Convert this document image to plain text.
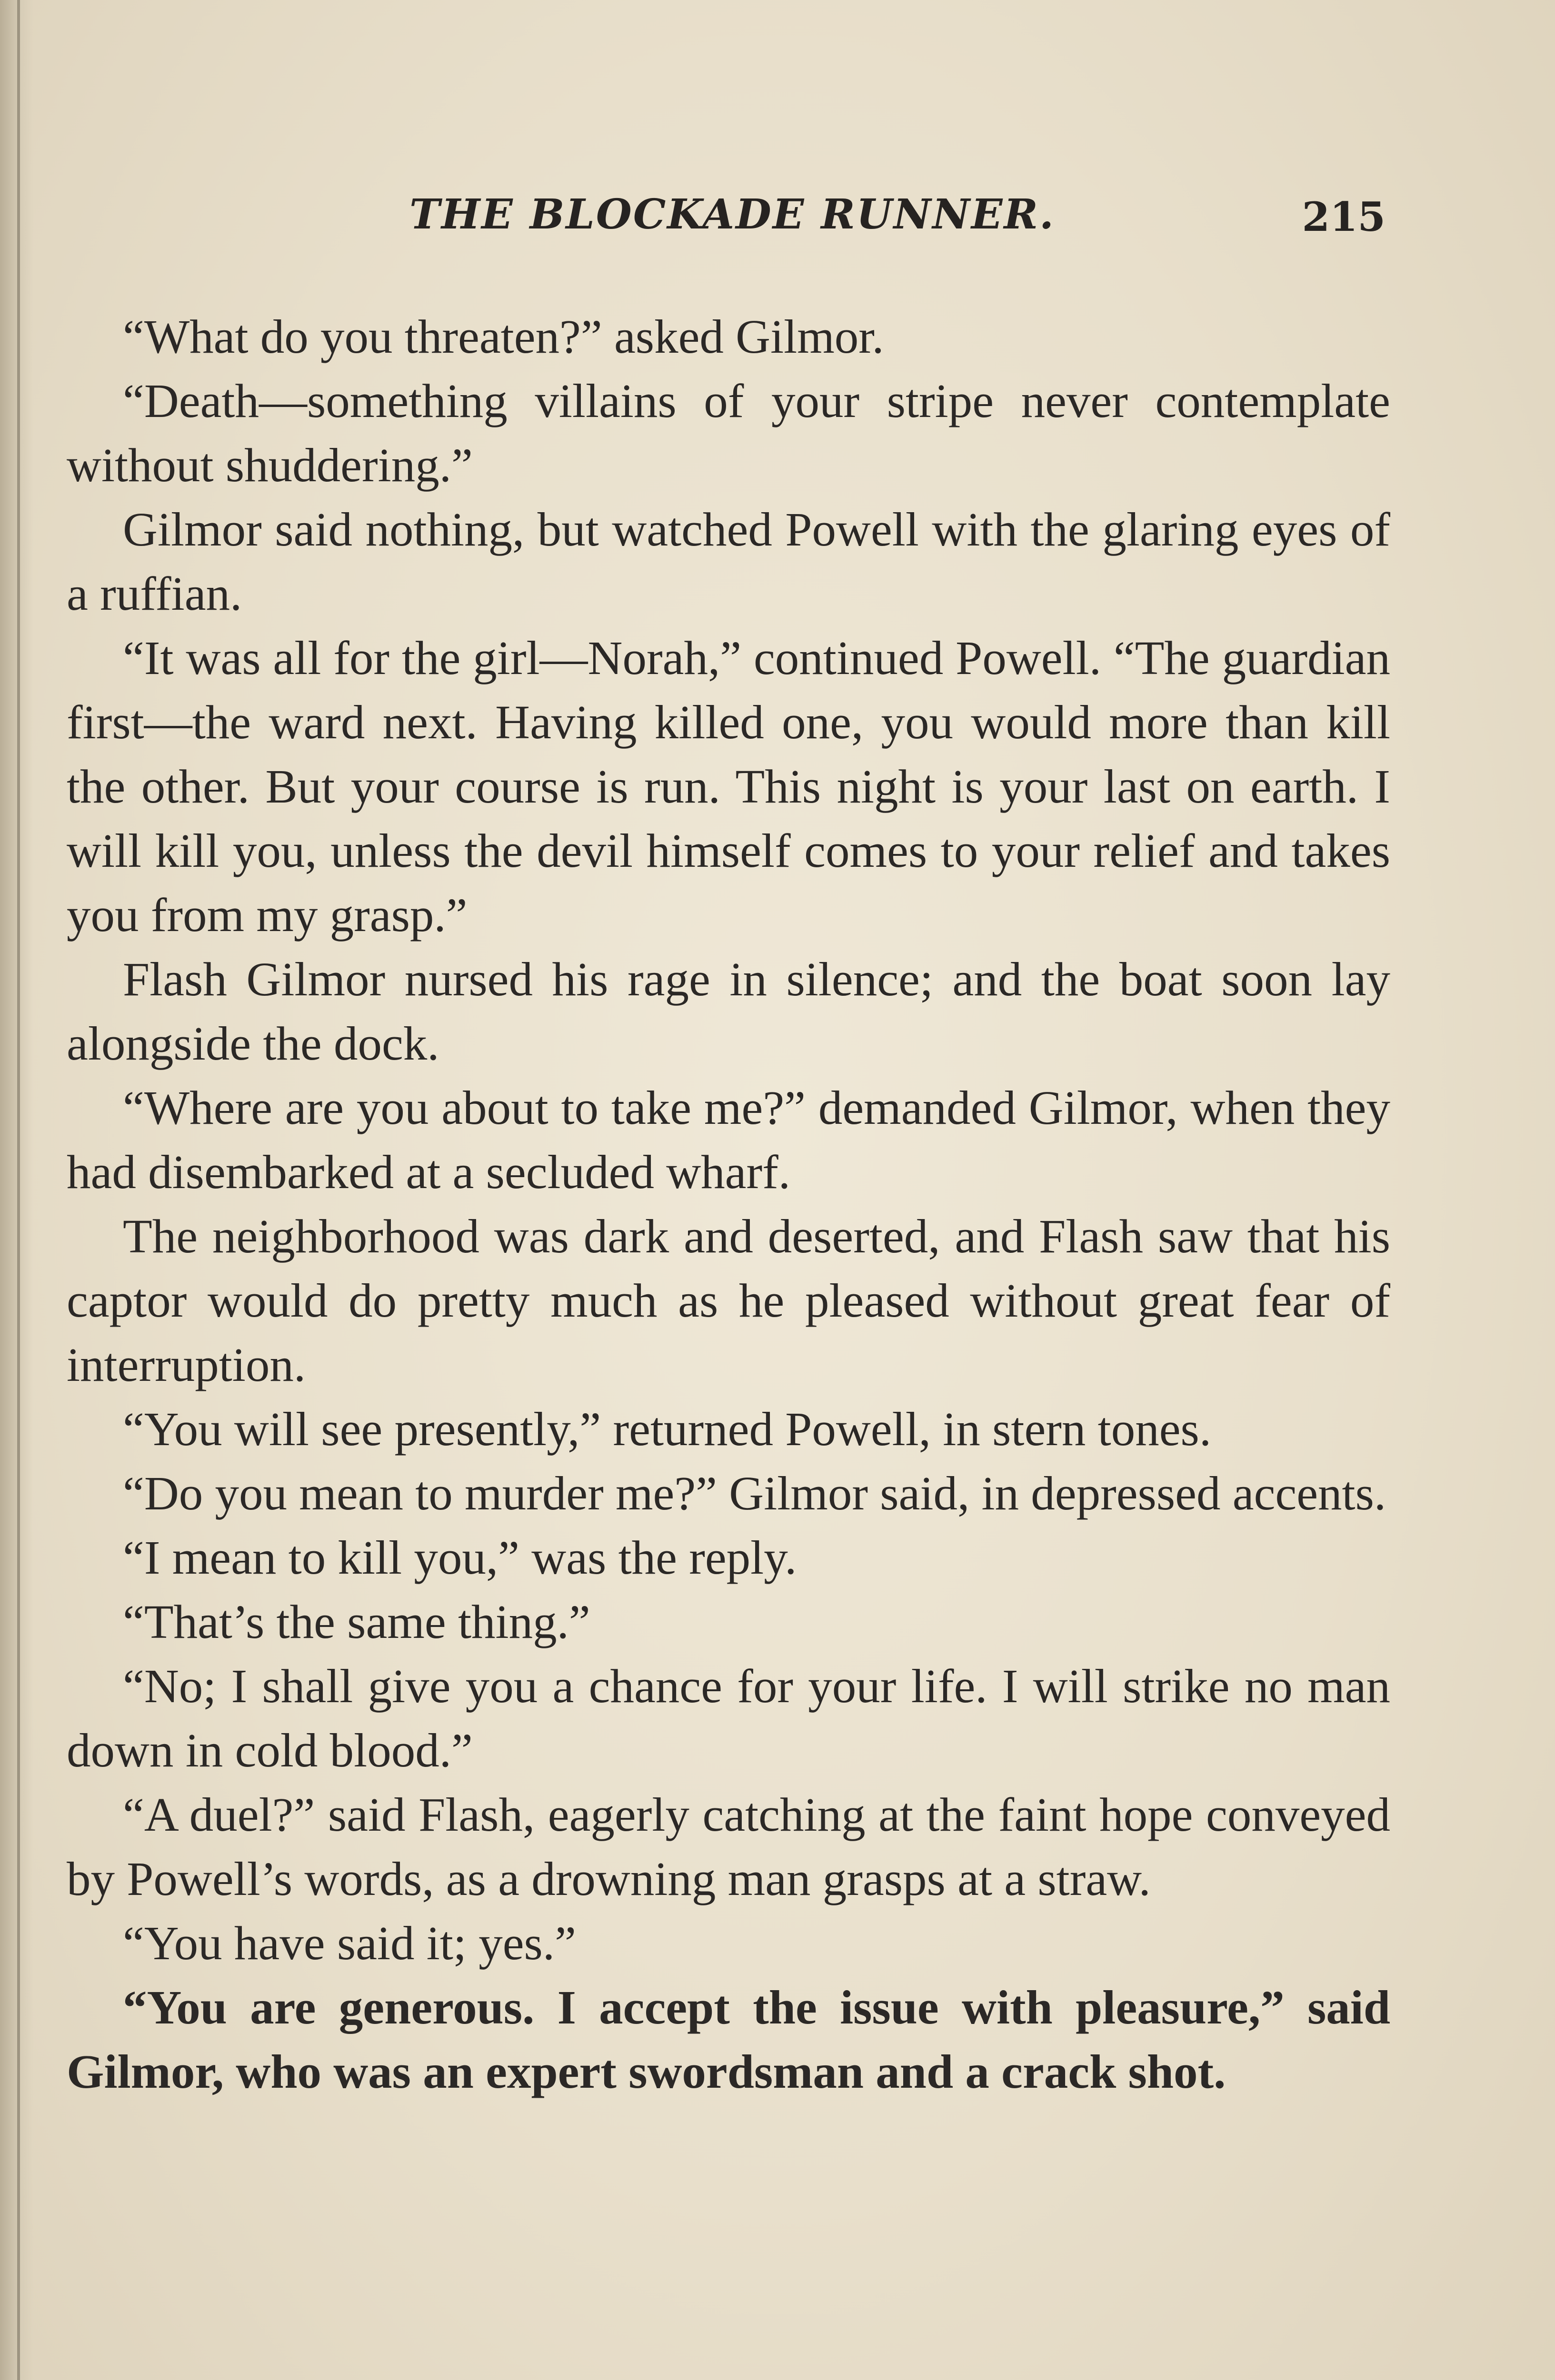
THE BLOCKADE RUNNER.	215

“What do you threaten?” asked Gilmor.

“Death—something villains of your stripe never contemplate without shuddering.”

Gilmor said nothing, but watched Powell with the glaring eyes of a ruffian.

“It was all for the girl—Norah,” continued Powell. “The guardian first—the ward next. Having killed one, you would more than kill the other. But your course is run. This night is your last on earth. I will kill you, unless the devil himself comes to your relief and takes you from my grasp.”

Flash Gilmor nursed his rage in silence; and the boat soon lay alongside the dock.

“Where are you about to take me?” demanded Gilmor, when they had disembarked at a secluded wharf.

The neighborhood was dark and deserted, and Flash saw that his captor would do pretty much as he pleased without great fear of interruption.

“You will see presently,” returned Powell, in stern tones.

“Do you mean to murder me?” Gilmor said, in depressed accents.

“I mean to kill you,” was the reply.

“That’s the same thing.”

“No; I shall give you a chance for your life. I will strike no man down in cold blood.”

“A duel?” said Flash, eagerly catching at the faint hope conveyed by Powell’s words, as a drowning man grasps at a straw.

“You have said it; yes.”

“You are generous. I accept the issue with pleasure,” said Gilmor, who was an expert swordsman and a crack shot.
